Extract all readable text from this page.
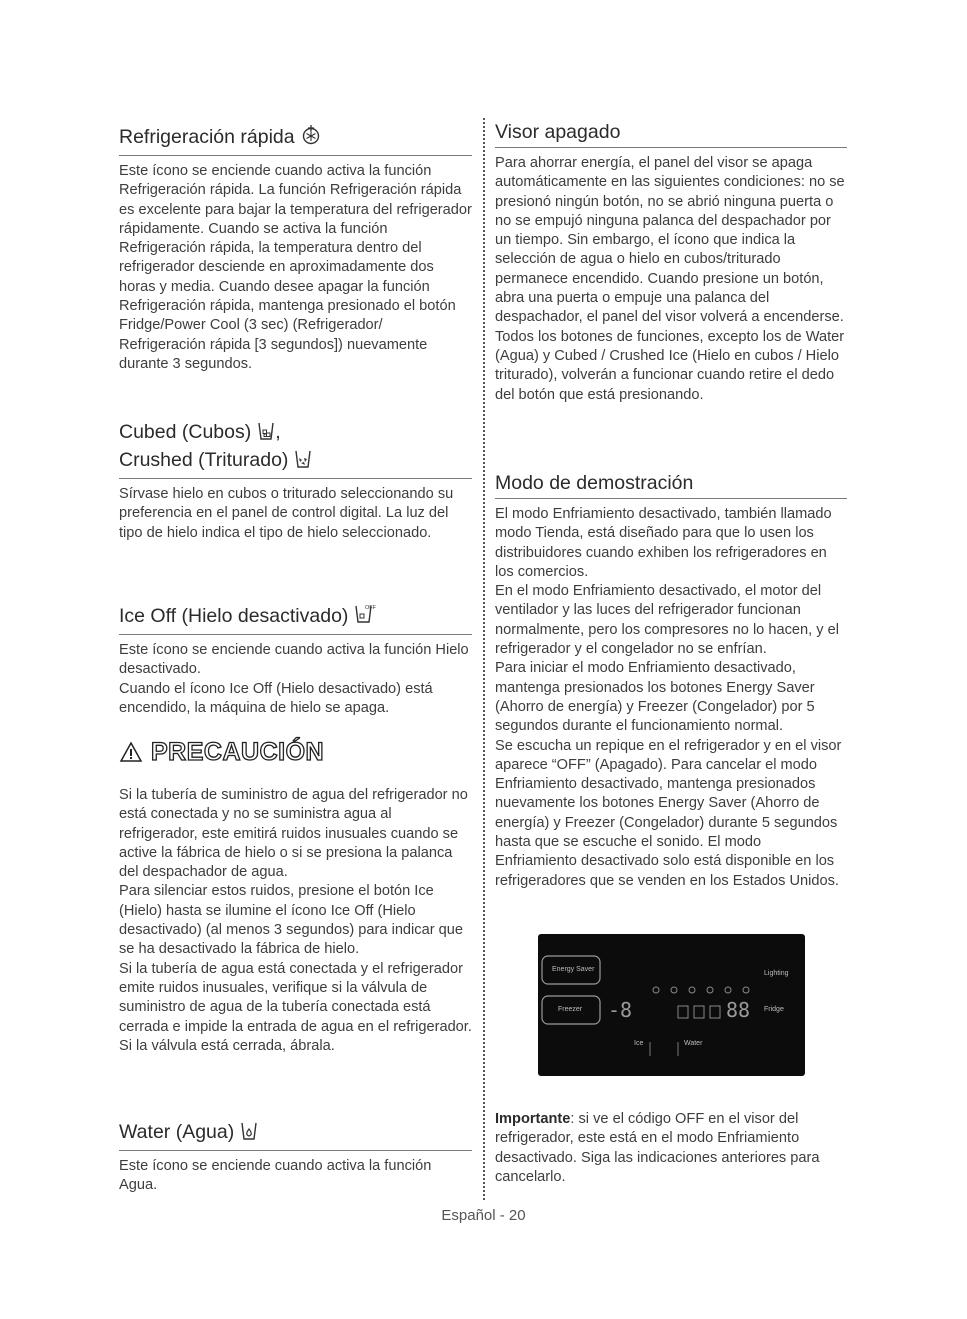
Refrigeración rápida

Este ícono se enciende cuando activa la función Refrigeración rápida. La función Refrigeración rápida es excelente para bajar la temperatura del refrigerador rápidamente. Cuando se activa la función Refrigeración rápida, la temperatura dentro del refrigerador desciende en aproximadamente dos horas y media. Cuando desee apagar la función Refrigeración rápida, mantenga presionado el botón Fridge/Power Cool (3 sec) (Refrigerador/ Refrigeración rápida [3 segundos]) nuevamente durante 3 segundos.

Cubed (Cubos) ,
Crushed (Triturado)

Sírvase hielo en cubos o triturado seleccionando su preferencia en el panel de control digital. La luz del tipo de hielo indica el tipo de hielo seleccionado.

Ice Off (Hielo desactivado)	OFF

Este ícono se enciende cuando activa la función Hielo desactivado.

Cuando el ícono Ice Off (Hielo desactivado) está encendido, la máquina de hielo se apaga.

PRECAUCIÓN

Si la tubería de suministro de agua del refrigerador no está conectada y no se suministra agua al refrigerador, este emitirá ruidos inusuales cuando se active la fábrica de hielo o si se presiona la palanca del despachador de agua.

Para silenciar estos ruidos, presione el botón Ice (Hielo) hasta se ilumine el ícono Ice Off (Hielo desactivado) (al menos 3 segundos) para indicar que se ha desactivado la fábrica de hielo.

Si la tubería de agua está conectada y el refrigerador emite ruidos inusuales, verifique si la válvula de suministro de agua de la tubería conectada está cerrada e impide la entrada de agua en el refrigerador.

Si la válvula está cerrada, ábrala.

Water (Agua)

Este ícono se enciende cuando activa la función Agua.

Visor apagado

Para ahorrar energía, el panel del visor se apaga automáticamente en las siguientes condiciones: no se presionó ningún botón, no se abrió ninguna puerta o no se empujó ninguna palanca del despachador por un tiempo. Sin embargo, el ícono que indica la selección de agua o hielo en cubos/triturado permanece encendido. Cuando presione un botón, abra una puerta o empuje una palanca del despachador, el panel del visor volverá a encenderse. Todos los botones de funciones, excepto los de Water (Agua) y Cubed / Crushed Ice (Hielo en cubos / Hielo triturado), volverán a funcionar cuando retire el dedo del botón que está presionando.

Modo de demostración

El modo Enfriamiento desactivado, también llamado modo Tienda, está diseñado para que lo usen los distribuidores cuando exhiben los refrigeradores en los comercios.

En el modo Enfriamiento desactivado, el motor del ventilador y las luces del refrigerador funcionan normalmente, pero los compresores no lo hacen, y el refrigerador y el congelador no se enfrían.

Para iniciar el modo Enfriamiento desactivado, mantenga presionados los botones Energy Saver (Ahorro de energía) y Freezer (Congelador) por 5 segundos durante el funcionamiento normal.

Se escucha un repique en el refrigerador y en el visor aparece “OFF” (Apagado). Para cancelar el modo Enfriamiento desactivado, mantenga presionados nuevamente los botones Energy Saver (Ahorro de energía) y Freezer (Congelador) durante 5 segundos hasta que se escuche el sonido. El modo Enfriamiento desactivado solo está disponible en los refrigeradores que se venden en los Estados Unidos.

Importante: si ve el código OFF en el visor del refrigerador, este está en el modo Enfriamiento desactivado. Siga las indicaciones anteriores para cancelarlo.

Energy Saver
Freezer
Lighting
Fridge
Ice	Water
-8	88
Español - 20
